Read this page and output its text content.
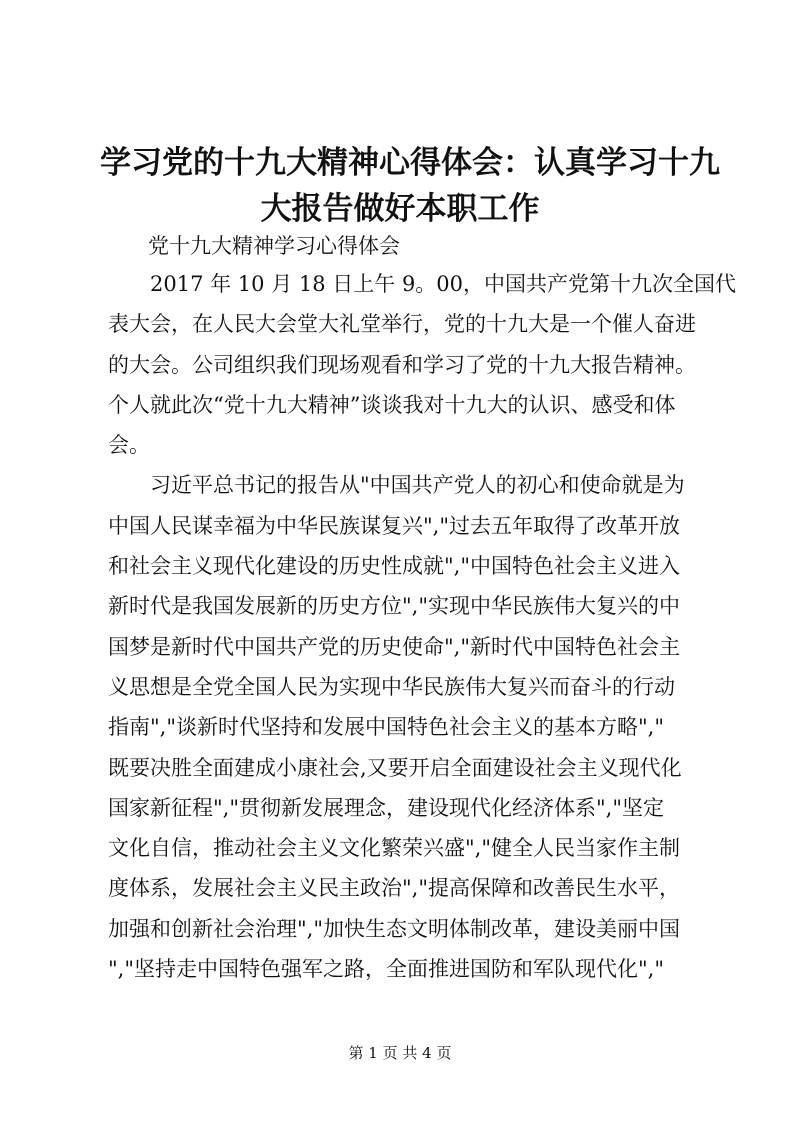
学习党的十九大精神心得体会：认真学习十九
大报告做好本职工作

党十九大精神学习心得体会

2017 年 10 月 18 日上午 9。00，中国共产党第十九次全国代
表大会，在人民大会堂大礼堂举行，党的十九大是一个催人奋进
的大会。公司组织我们现场观看和学习了党的十九大报告精神。
个人就此次“党十九大精神”谈谈我对十九大的认识、感受和体
会。
习近平总书记的报告从"中国共产党人的初心和使命就是为
中国人民谋幸福为中华民族谋复兴","过去五年取得了改革开放
和社会主义现代化建设的历史性成就","中国特色社会主义进入
新时代是我国发展新的历史方位","实现中华民族伟大复兴的中
国梦是新时代中国共产党的历史使命","新时代中国特色社会主
义思想是全党全国人民为实现中华民族伟大复兴而奋斗的行动
指南","谈新时代坚持和发展中国特色社会主义的基本方略","
既要决胜全面建成小康社会,又要开启全面建设社会主义现代化
国家新征程","贯彻新发展理念，建设现代化经济体系","坚定
文化自信，推动社会主义文化繁荣兴盛","健全人民当家作主制
度体系，发展社会主义民主政治","提高保障和改善民生水平，
加强和创新社会治理","加快生态文明体制改革，建设美丽中国
","坚持走中国特色强军之路，全面推进国防和军队现代化","
第 1 页 共 4 页
